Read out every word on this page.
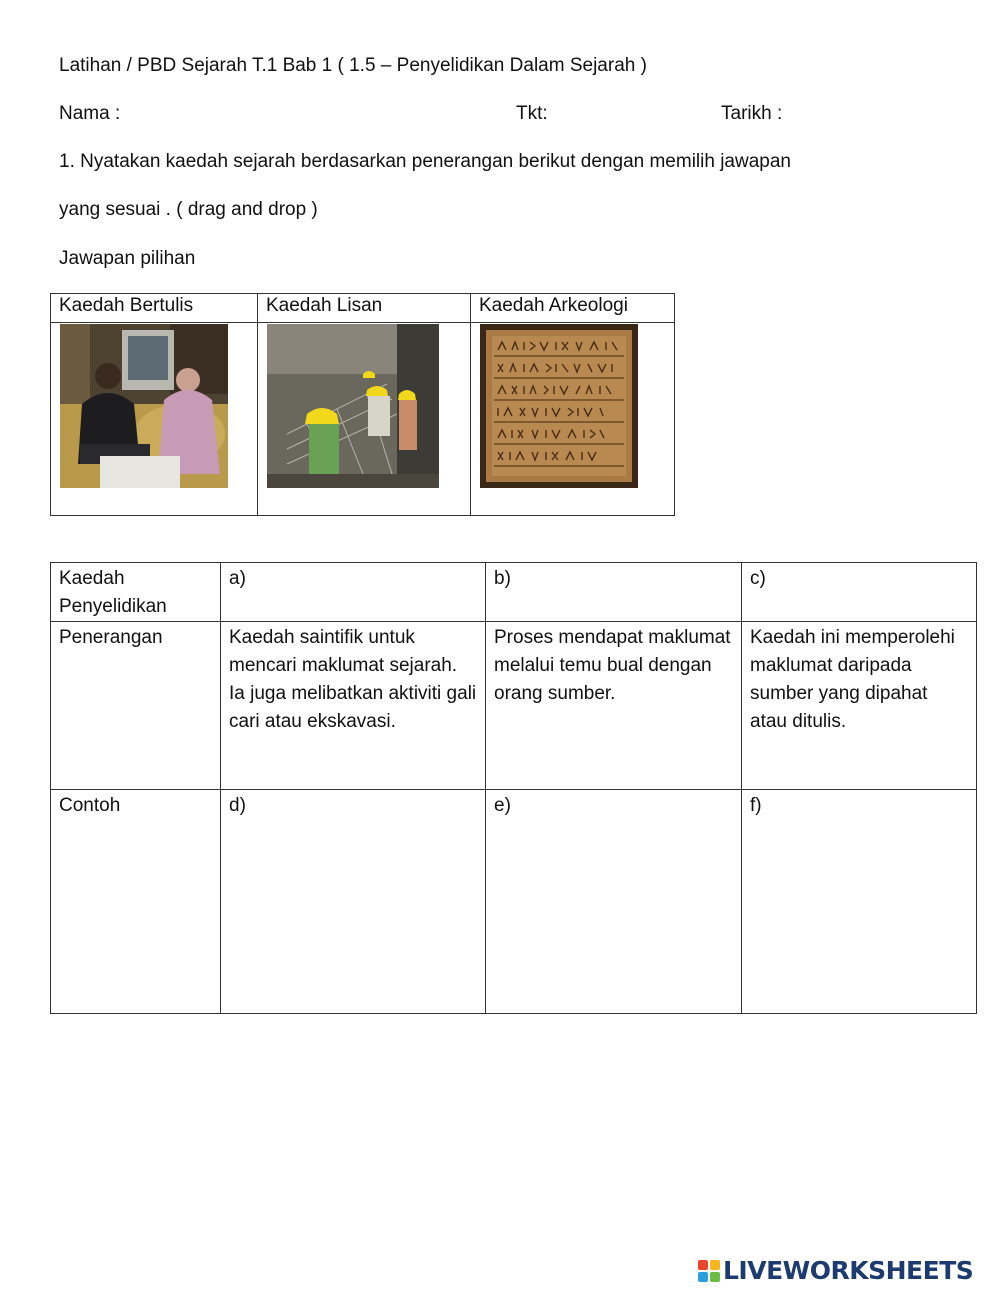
Latihan / PBD Sejarah T.1 Bab 1 ( 1.5 – Penyelidikan Dalam Sejarah )
Nama :	Tkt:	Tarikh :
1. Nyatakan kaedah sejarah berdasarkan penerangan berikut dengan memilih jawapan
yang sesuai . ( drag and drop )
Jawapan pilihan
Kaedah Bertulis	Kaedah Lisan	Kaedah Arkeologi

Kaedah Penyelidikan	a)	b)	c)
Penerangan	Kaedah saintifik untuk mencari maklumat sejarah. Ia juga melibatkan aktiviti gali cari atau ekskavasi.	Proses mendapat maklumat melalui temu bual dengan orang sumber.	Kaedah ini memperolehi maklumat daripada sumber yang dipahat atau ditulis.
Contoh	d)	e)	f)
LIVEWORKSHEETS
